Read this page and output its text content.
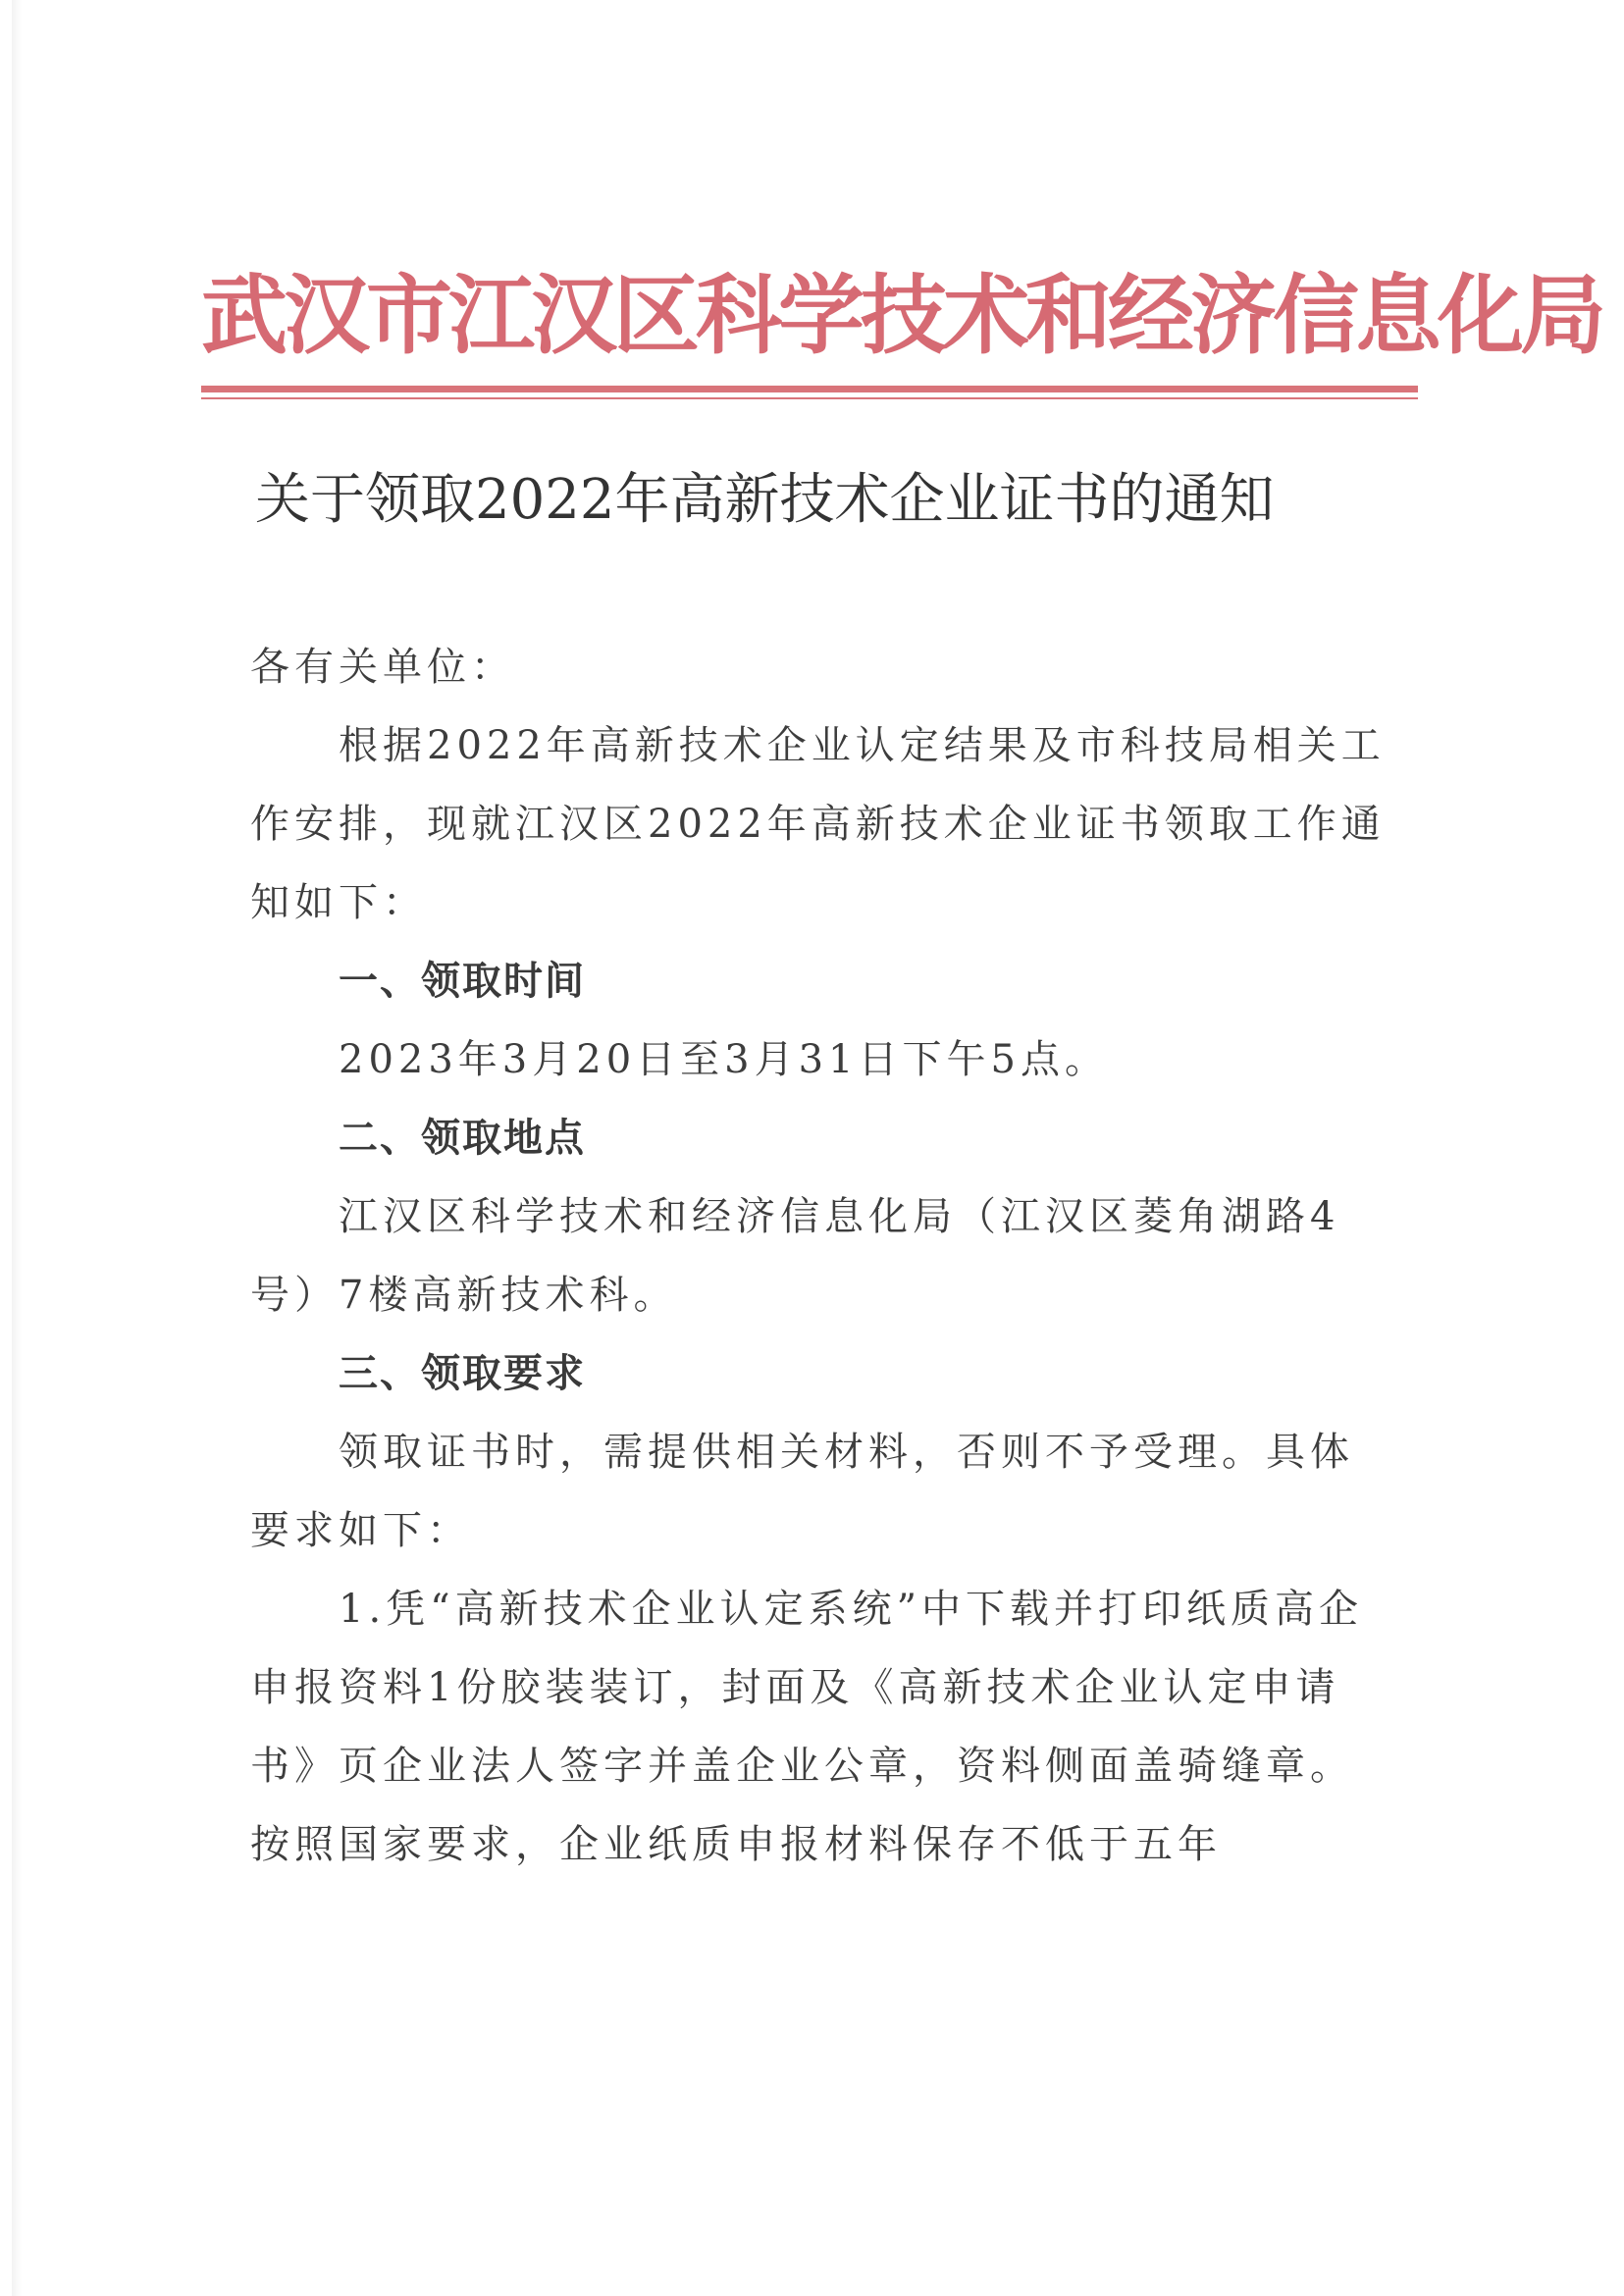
武汉市江汉区科学技术和经济信息化局
关于领取2022年高新技术企业证书的通知

各有关单位：

根据2022年高新技术企业认定结果及市科技局相关工作安排，现就江汉区2022年高新技术企业证书领取工作通知如下：

一、领取时间

2023年3月20日至3月31日下午5点。

二、领取地点

江汉区科学技术和经济信息化局（江汉区菱角湖路4号）7楼高新技术科。

三、领取要求

领取证书时，需提供相关材料，否则不予受理。具体要求如下：

1.凭“高新技术企业认定系统”中下载并打印纸质高企申报资料1份胶装装订，封面及《高新技术企业认定申请书》页企业法人签字并盖企业公章，资料侧面盖骑缝章。按照国家要求，企业纸质申报材料保存不低于五年
